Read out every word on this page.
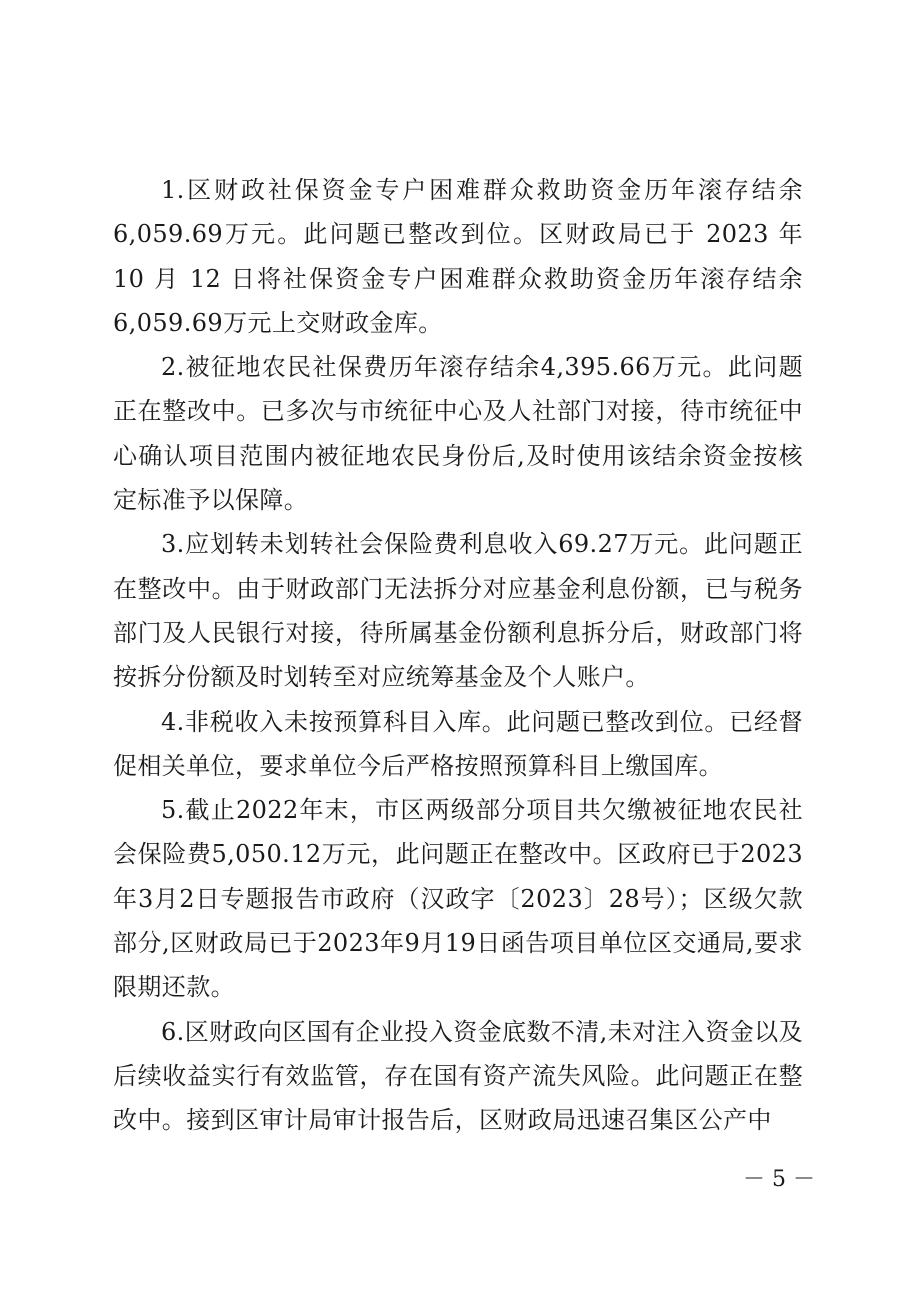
1.区财政社保资金专户困难群众救助资金历年滚存结余6,059.69万元。此问题已整改到位。区财政局已于 2023 年 10 月 12 日将社保资金专户困难群众救助资金历年滚存结余6,059.69万元上交财政金库。

2.被征地农民社保费历年滚存结余4,395.66万元。此问题正在整改中。已多次与市统征中心及人社部门对接，待市统征中心确认项目范围内被征地农民身份后,及时使用该结余资金按核定标准予以保障。

3.应划转未划转社会保险费利息收入69.27万元。此问题正在整改中。由于财政部门无法拆分对应基金利息份额，已与税务部门及人民银行对接，待所属基金份额利息拆分后，财政部门将按拆分份额及时划转至对应统筹基金及个人账户。

4.非税收入未按预算科目入库。此问题已整改到位。已经督促相关单位，要求单位今后严格按照预算科目上缴国库。

5.截止2022年末，市区两级部分项目共欠缴被征地农民社会保险费5,050.12万元，此问题正在整改中。区政府已于2023年3月2日专题报告市政府（汉政字〔2023〕28号）；区级欠款部分,区财政局已于2023年9月19日函告项目单位区交通局,要求限期还款。

6.区财政向区国有企业投入资金底数不清,未对注入资金以及后续收益实行有效监管，存在国有资产流失风险。此问题正在整改中。接到区审计局审计报告后，区财政局迅速召集区公产中

－ 5 －
